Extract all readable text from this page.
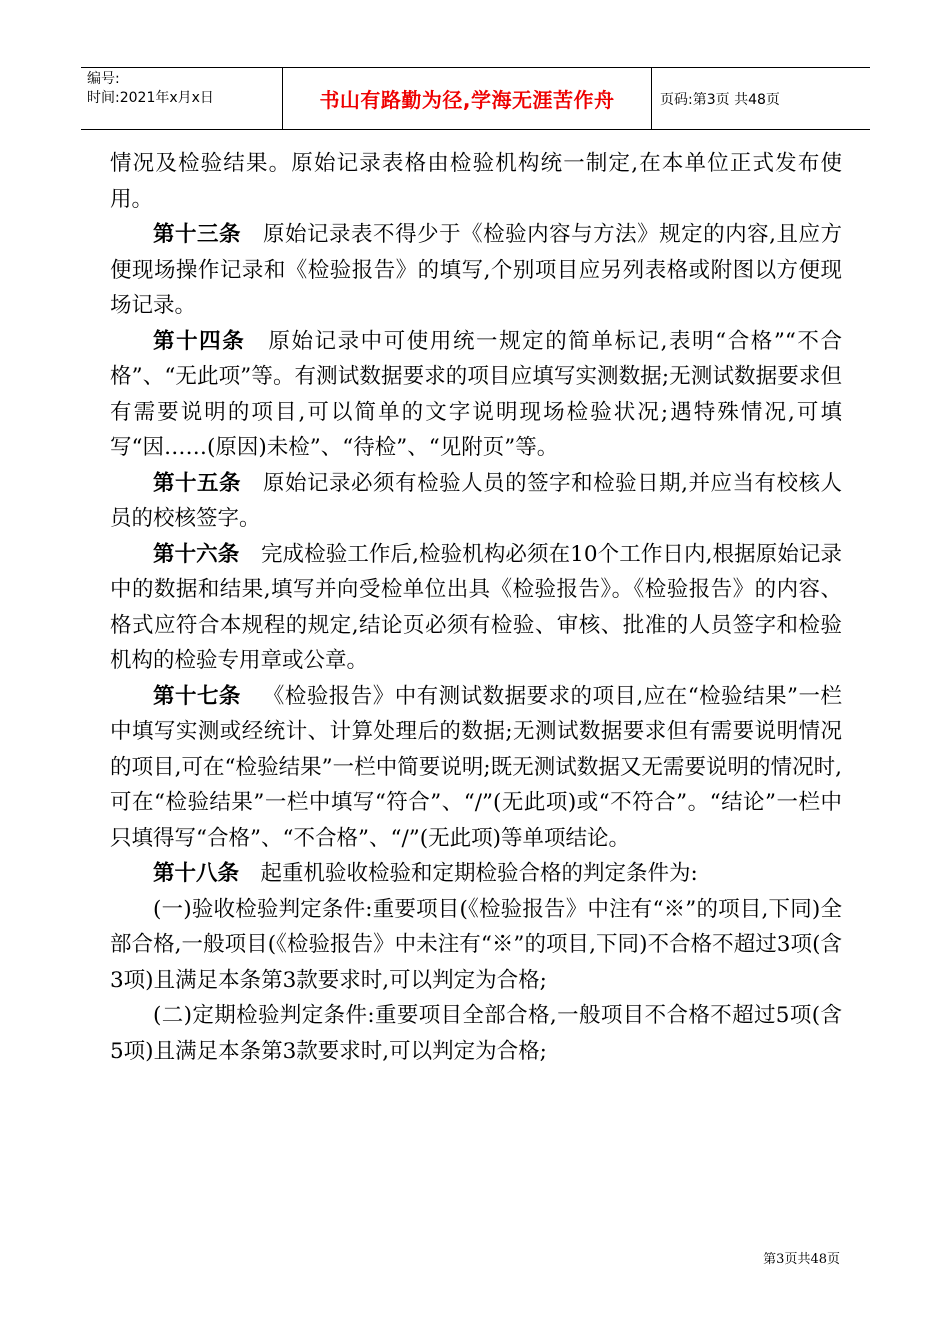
编号:
时间:2021年x月x日	书山有路勤为径,学海无涯苦作舟	页码:第3页 共48页

情况及检验结果。原始记录表格由检验机构统一制定,在本单位正式发布使用。

第十三条  原始记录表不得少于《检验内容与方法》规定的内容,且应方便现场操作记录和《检验报告》的填写,个别项目应另列表格或附图以方便现场记录。

第十四条  原始记录中可使用统一规定的简单标记,表明“合格”“不合格”、“无此项”等。有测试数据要求的项目应填写实测数据;无测试数据要求但有需要说明的项目,可以简单的文字说明现场检验状况;遇特殊情况,可填写“因……(原因)未检”、“待检”、“见附页”等。

第十五条  原始记录必须有检验人员的签字和检验日期,并应当有校核人员的校核签字。

第十六条  完成检验工作后,检验机构必须在10个工作日内,根据原始记录中的数据和结果,填写并向受检单位出具《检验报告》。《检验报告》的内容、格式应符合本规程的规定,结论页必须有检验、审核、批准的人员签字和检验机构的检验专用章或公章。

第十七条  《检验报告》中有测试数据要求的项目,应在“检验结果”一栏中填写实测或经统计、计算处理后的数据;无测试数据要求但有需要说明情况的项目,可在“检验结果”一栏中简要说明;既无测试数据又无需要说明的情况时,可在“检验结果”一栏中填写“符合”、“/”(无此项)或“不符合”。“结论”一栏中只填得写“合格”、“不合格”、“/”(无此项)等单项结论。

第十八条  起重机验收检验和定期检验合格的判定条件为:

(一)验收检验判定条件:重要项目(《检验报告》中注有“※”的项目,下同)全部合格,一般项目(《检验报告》中未注有“※”的项目,下同)不合格不超过3项(含3项)且满足本条第3款要求时,可以判定为合格;

(二)定期检验判定条件:重要项目全部合格,一般项目不合格不超过5项(含5项)且满足本条第3款要求时,可以判定为合格;

第3页共48页
